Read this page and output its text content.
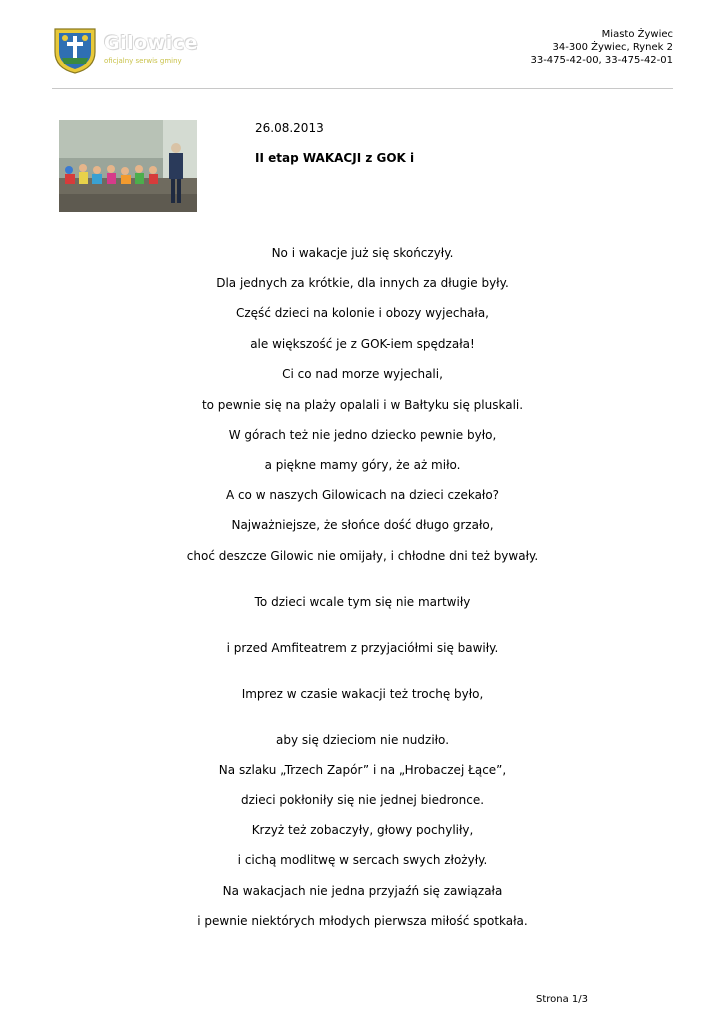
Gilowice
oficjalny serwis gminy
Miasto Żywiec
34-300 Żywiec, Rynek 2
33-475-42-00, 33-475-42-01
26.08.2013
II etap WAKACJI z GOK i
No i wakacje już się skończyły.
Dla jednych za krótkie, dla innych za długie były.
Część dzieci na kolonie i obozy wyjechała,
ale większość je z GOK-iem spędzała!
Ci co nad morze wyjechali,
to pewnie się na plaży opalali i w Bałtyku się pluskali.
W górach też nie jedno dziecko pewnie było,
a piękne mamy góry, że aż miło.
A co w naszych Gilowicach na dzieci czekało?
Najważniejsze, że słońce dość długo grzało,
choć deszcze Gilowic nie omijały, i chłodne dni też bywały.
To dzieci wcale tym się nie martwiły
i przed Amfiteatrem z przyjaciółmi się bawiły.
Imprez w czasie wakacji też trochę było,
aby się dzieciom nie nudziło.
Na szlaku „Trzech Zapór” i na „Hrobaczej Łące”,
dzieci pokłoniły się nie jednej biedronce.
Krzyż też zobaczyły, głowy pochyliły,
i cichą modlitwę w sercach swych złożyły.
Na wakacjach nie jedna przyjaźń się zawiązała
i pewnie niektórych młodych pierwsza miłość spotkała.
Strona 1/3
